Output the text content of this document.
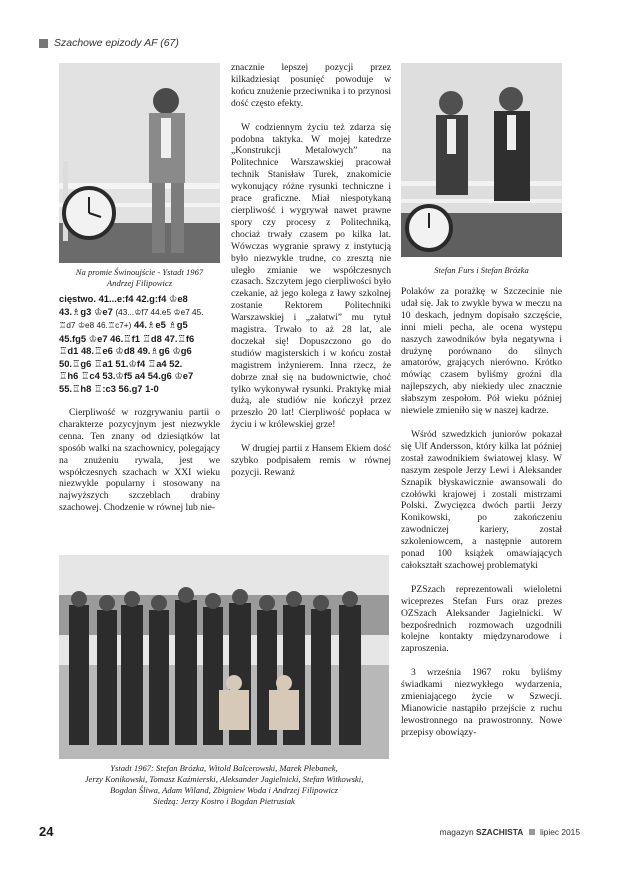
Szachowe epizody AF (67)
Na promie Świnoujście - Ystadt 1967
Andrzej Filipowicz
Stefan Furs i Stefan Brózka
cięstwo. 41...e:f4 42.g:f4 ♔e8
43.♗g3 ♔e7 (43...♔f7 44.e5 ♔e7 45.
♖d7 ♔e8 46.♖c7+) 44.♗e5 ♗g5
45.fg5 ♔e7 46.♖f1 ♖d8 47.♖f6
♖d1 48.♖e6 ♔d8 49.♗g6 ♔g6
50.♖g6 ♖a1 51.♔f4 ♖a4 52.
♖h6 ♖c4 53.♔f5 a4 54.g6 ♔e7
55.♖h8 ♖:c3 56.g7 1-0

Cierpliwość w rozgrywaniu partii o charakterze pozycyjnym jest niezwykle cenna. Ten znany od dziesiątków lat sposób walki na szachownicy, polegający na znużeniu rywala, jest we współczesnych szachach w XXI wieku niezwykle popularny i stosowany na najwyższych szczeblach drabiny szachowej. Chodzenie w równej lub nie-

znacznie lepszej pozycji przez kilkadziesiąt posunięć powoduje w końcu znużenie przeciwnika i to przynosi dość często efekty.

W codziennym życiu też zdarza się podobna taktyka. W mojej katedrze „Konstrukcji Metalowych” na Politechnice Warszawskiej pracował technik Stanisław Turek, znakomicie wykonujący różne rysunki techniczne i prace graficzne. Miał niespotykaną cierpliwość i wygrywał nawet prawne spory czy procesy z Politechniką, chociaż trwały czasem po kilka lat. Wówczas wygranie sprawy z instytucją było niezwykle trudne, co zresztą nie uległo zmianie we współczesnych czasach. Szczytem jego cierpliwości było czekanie, aż jego kolega z ławy szkolnej zostanie Rektorem Politechniki Warszawskiej i „załatwi” mu tytuł magistra. Trwało to aż 28 lat, ale doczekał się! Dopuszczono go do studiów magisterskich i w końcu został magistrem inżynierem. Inna rzecz, że dobrze znał się na budownictwie, choć tylko wykonywał rysunki. Praktykę miał dużą, ale studiów nie kończył przez przeszło 20 lat! Cierpliwość popłaca w życiu i w królewskiej grze!

W drugiej partii z Hansem Ekiem dość szybko podpisałem remis w równej pozycji. Rewanż

Polaków za porażkę w Szczecinie nie udał się. Jak to zwykle bywa w meczu na 10 deskach, jednym dopisało szczęście, inni mieli pecha, ale ocena występu naszych zawodników była negatywna i drużynę porównano do silnych amatorów, grających nierówno. Krótko mówiąc czasem byliśmy groźni dla najlepszych, aby niekiedy ulec znacznie słabszym zespołom. Pół wieku później niewiele zmieniło się w naszej kadrze.

Wśród szwedzkich juniorów pokazał się Ulf Andersson, który kilka lat później został zawodnikiem światowej klasy. W naszym zespole Jerzy Lewi i Aleksander Sznapik błyskawicznie awansowali do czołówki krajowej i zostali mistrzami Polski. Zwycięzca dwóch partii Jerzy Konikowski, po zakończeniu zawodniczej kariery, został szkoleniowcem, a następnie autorem ponad 100 książek omawiających całokształt szachowej problematyki

PZSzach reprezentowali wieloletni wiceprezes Stefan Furs oraz prezes OZSzach Aleksander Jagielnicki. W bezpośrednich rozmowach uzgodnili kolejne kontakty międzynarodowe i zaproszenia.

3 września 1967 roku byliśmy świadkami niezwykłego wydarzenia, zmieniającego życie w Szwecji. Mianowicie nastąpiło przejście z ruchu lewostronnego na prawostronny. Nowe przepisy obowiązy-

Ystadt 1967: Stefan Brózka, Witold Balcerowski, Marek Płebanek,
Jerzy Konikowski, Tomasz Kaźmierski, Aleksander Jagielnicki, Stefan Witkowski,
Bogdan Śliwa, Adam Wiland, Zbigniew Woda i Andrzej Filipowicz
Siedzą: Jerzy Kostro i Bogdan Pietrusiak
24	magazyn SZACHISTA lipiec 2015
